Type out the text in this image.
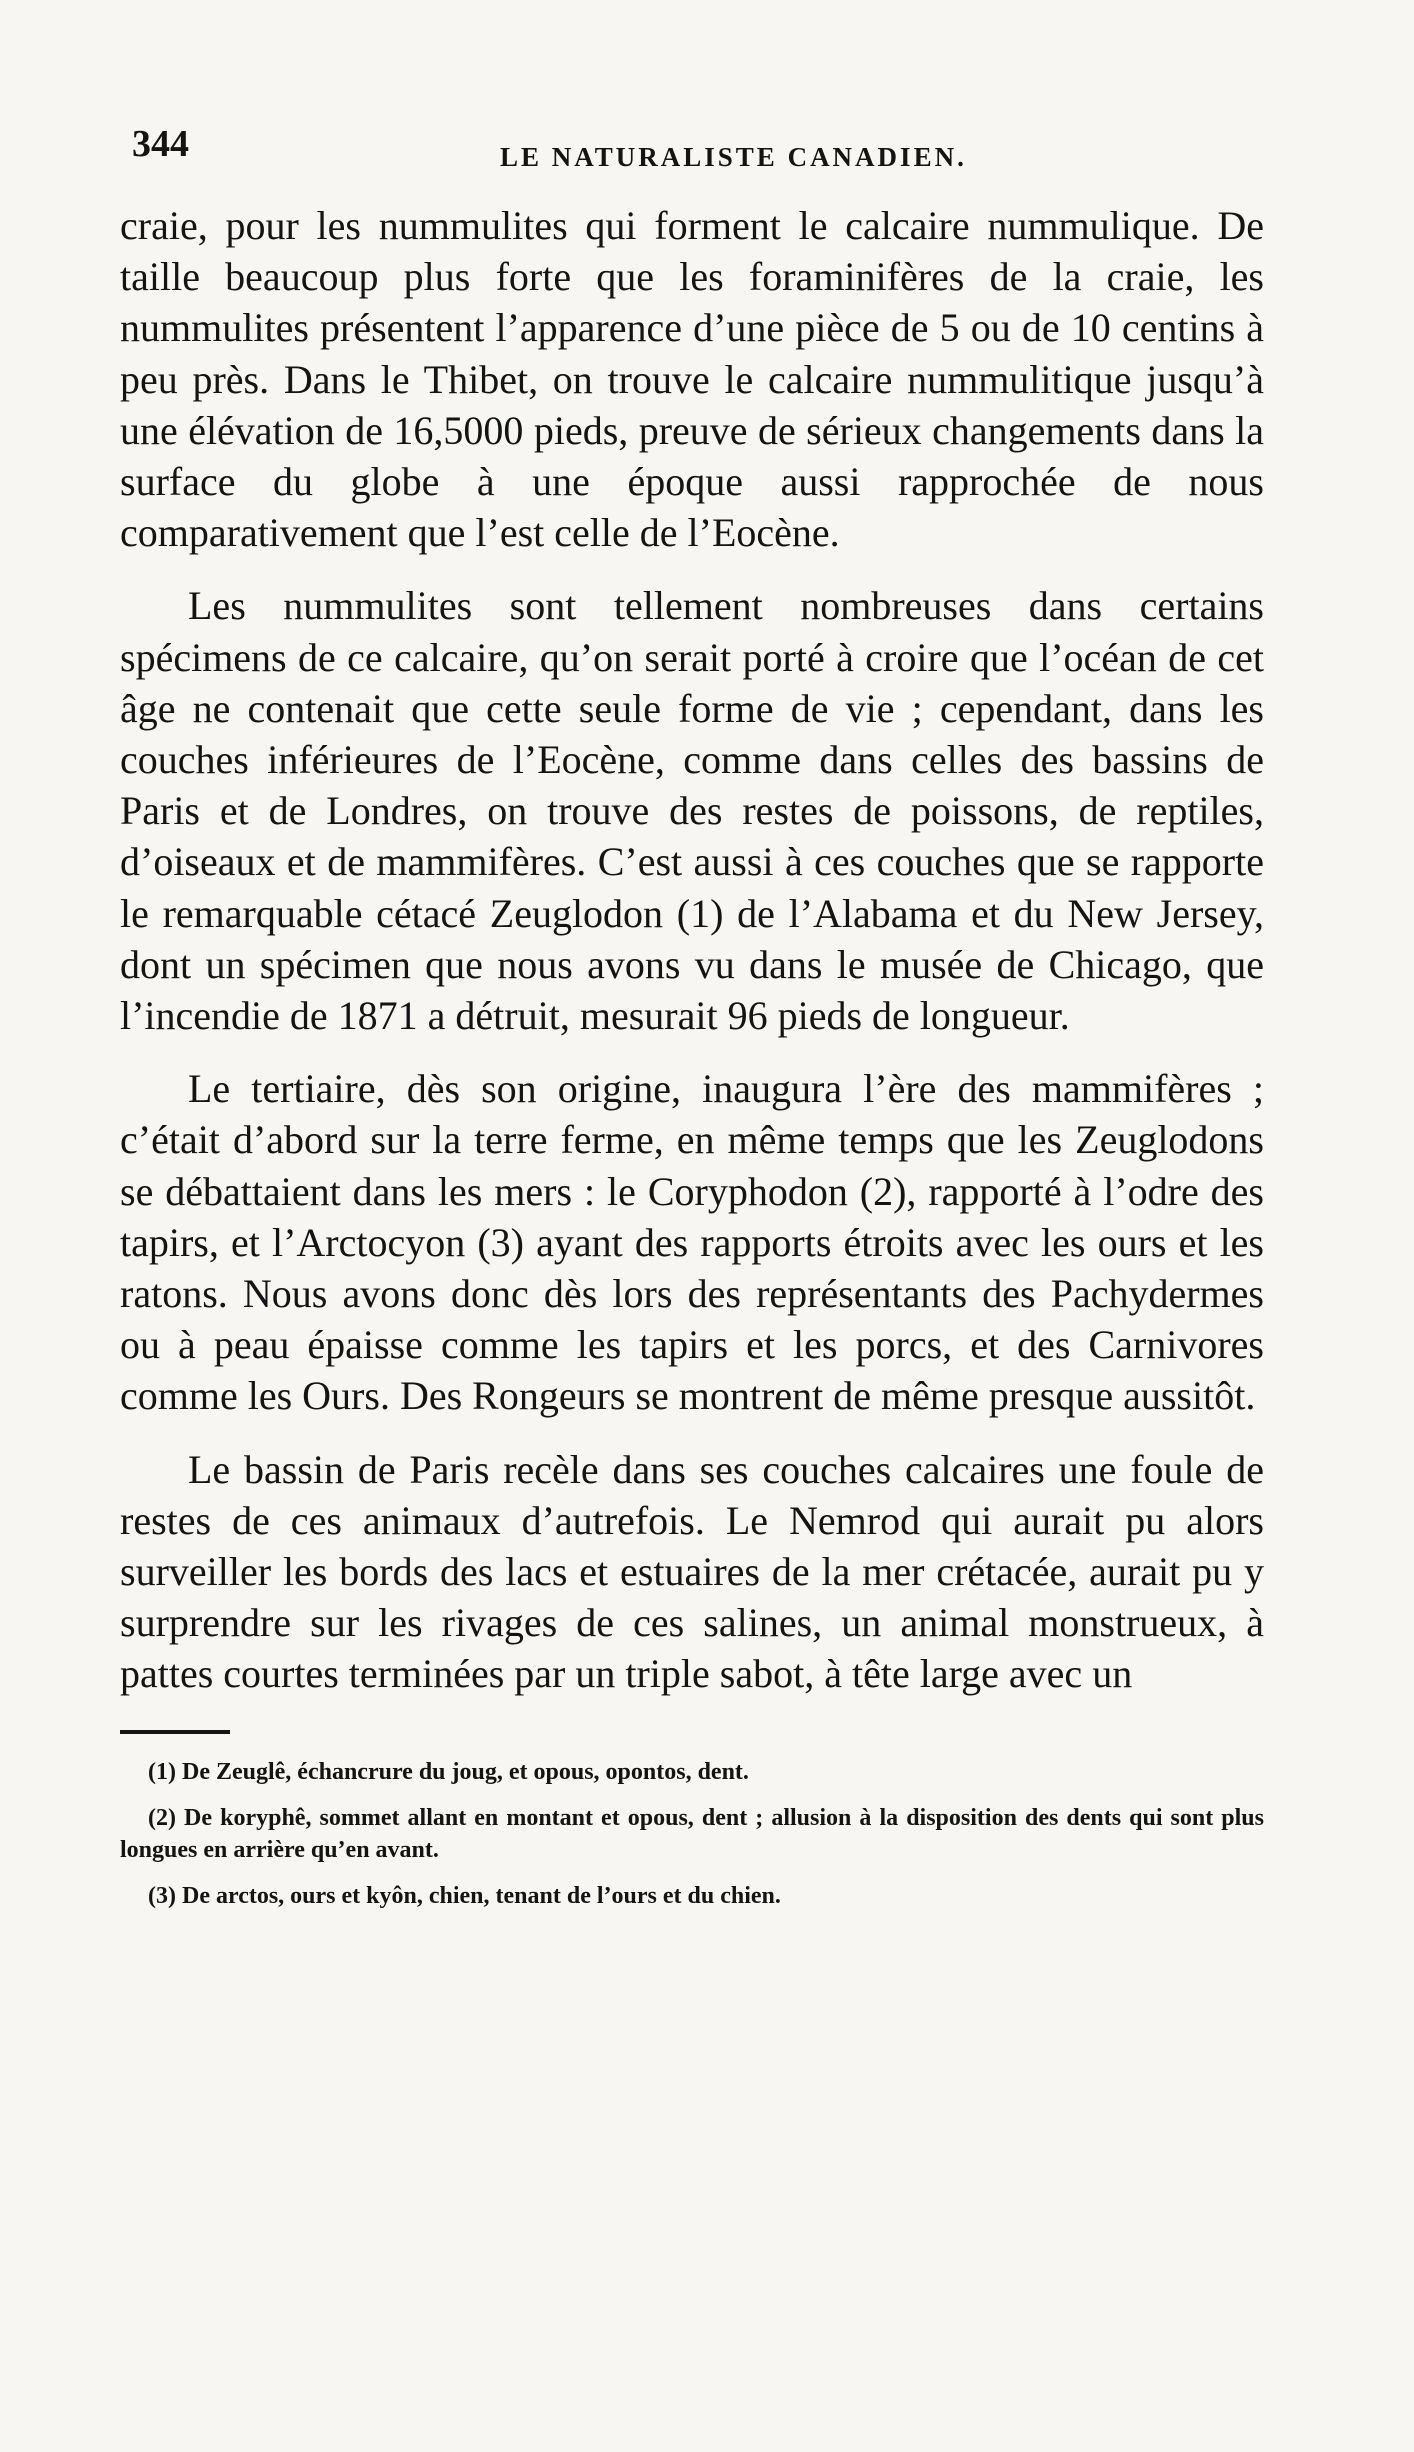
344	LE NATURALISTE CANADIEN.

craie, pour les nummulites qui forment le calcaire nummulique. De taille beaucoup plus forte que les foraminifères de la craie, les nummulites présentent l’apparence d’une pièce de 5 ou de 10 centins à peu près. Dans le Thibet, on trouve le calcaire nummulitique jusqu’à une élévation de 16,5000 pieds, preuve de sérieux changements dans la surface du globe à une époque aussi rapprochée de nous comparativement que l’est celle de l’Eocène.

Les nummulites sont tellement nombreuses dans certains spécimens de ce calcaire, qu’on serait porté à croire que l’océan de cet âge ne contenait que cette seule forme de vie ; cependant, dans les couches inférieures de l’Eocène, comme dans celles des bassins de Paris et de Londres, on trouve des restes de poissons, de reptiles, d’oiseaux et de mammifères. C’est aussi à ces couches que se rapporte le remarquable cétacé Zeuglodon (1) de l’Alabama et du New Jersey, dont un spécimen que nous avons vu dans le musée de Chicago, que l’incendie de 1871 a détruit, mesurait 96 pieds de longueur.

Le tertiaire, dès son origine, inaugura l’ère des mammifères ; c’était d’abord sur la terre ferme, en même temps que les Zeuglodons se débattaient dans les mers : le Coryphodon (2), rapporté à l’odre des tapirs, et l’Arctocyon (3) ayant des rapports étroits avec les ours et les ratons. Nous avons donc dès lors des représentants des Pachydermes ou à peau épaisse comme les tapirs et les porcs, et des Carnivores comme les Ours. Des Rongeurs se montrent de même presque aussitôt.

Le bassin de Paris recèle dans ses couches calcaires une foule de restes de ces animaux d’autrefois. Le Nemrod qui aurait pu alors surveiller les bords des lacs et estuaires de la mer crétacée, aurait pu y surprendre sur les rivages de ces salines, un animal monstrueux, à pattes courtes terminées par un triple sabot, à tête large avec un

(1) De Zeuglê, échancrure du joug, et opous, opontos, dent.

(2) De koryphê, sommet allant en montant et opous, dent ; allusion à la disposition des dents qui sont plus longues en arrière qu’en avant.

(3) De arctos, ours et kyôn, chien, tenant de l’ours et du chien.
